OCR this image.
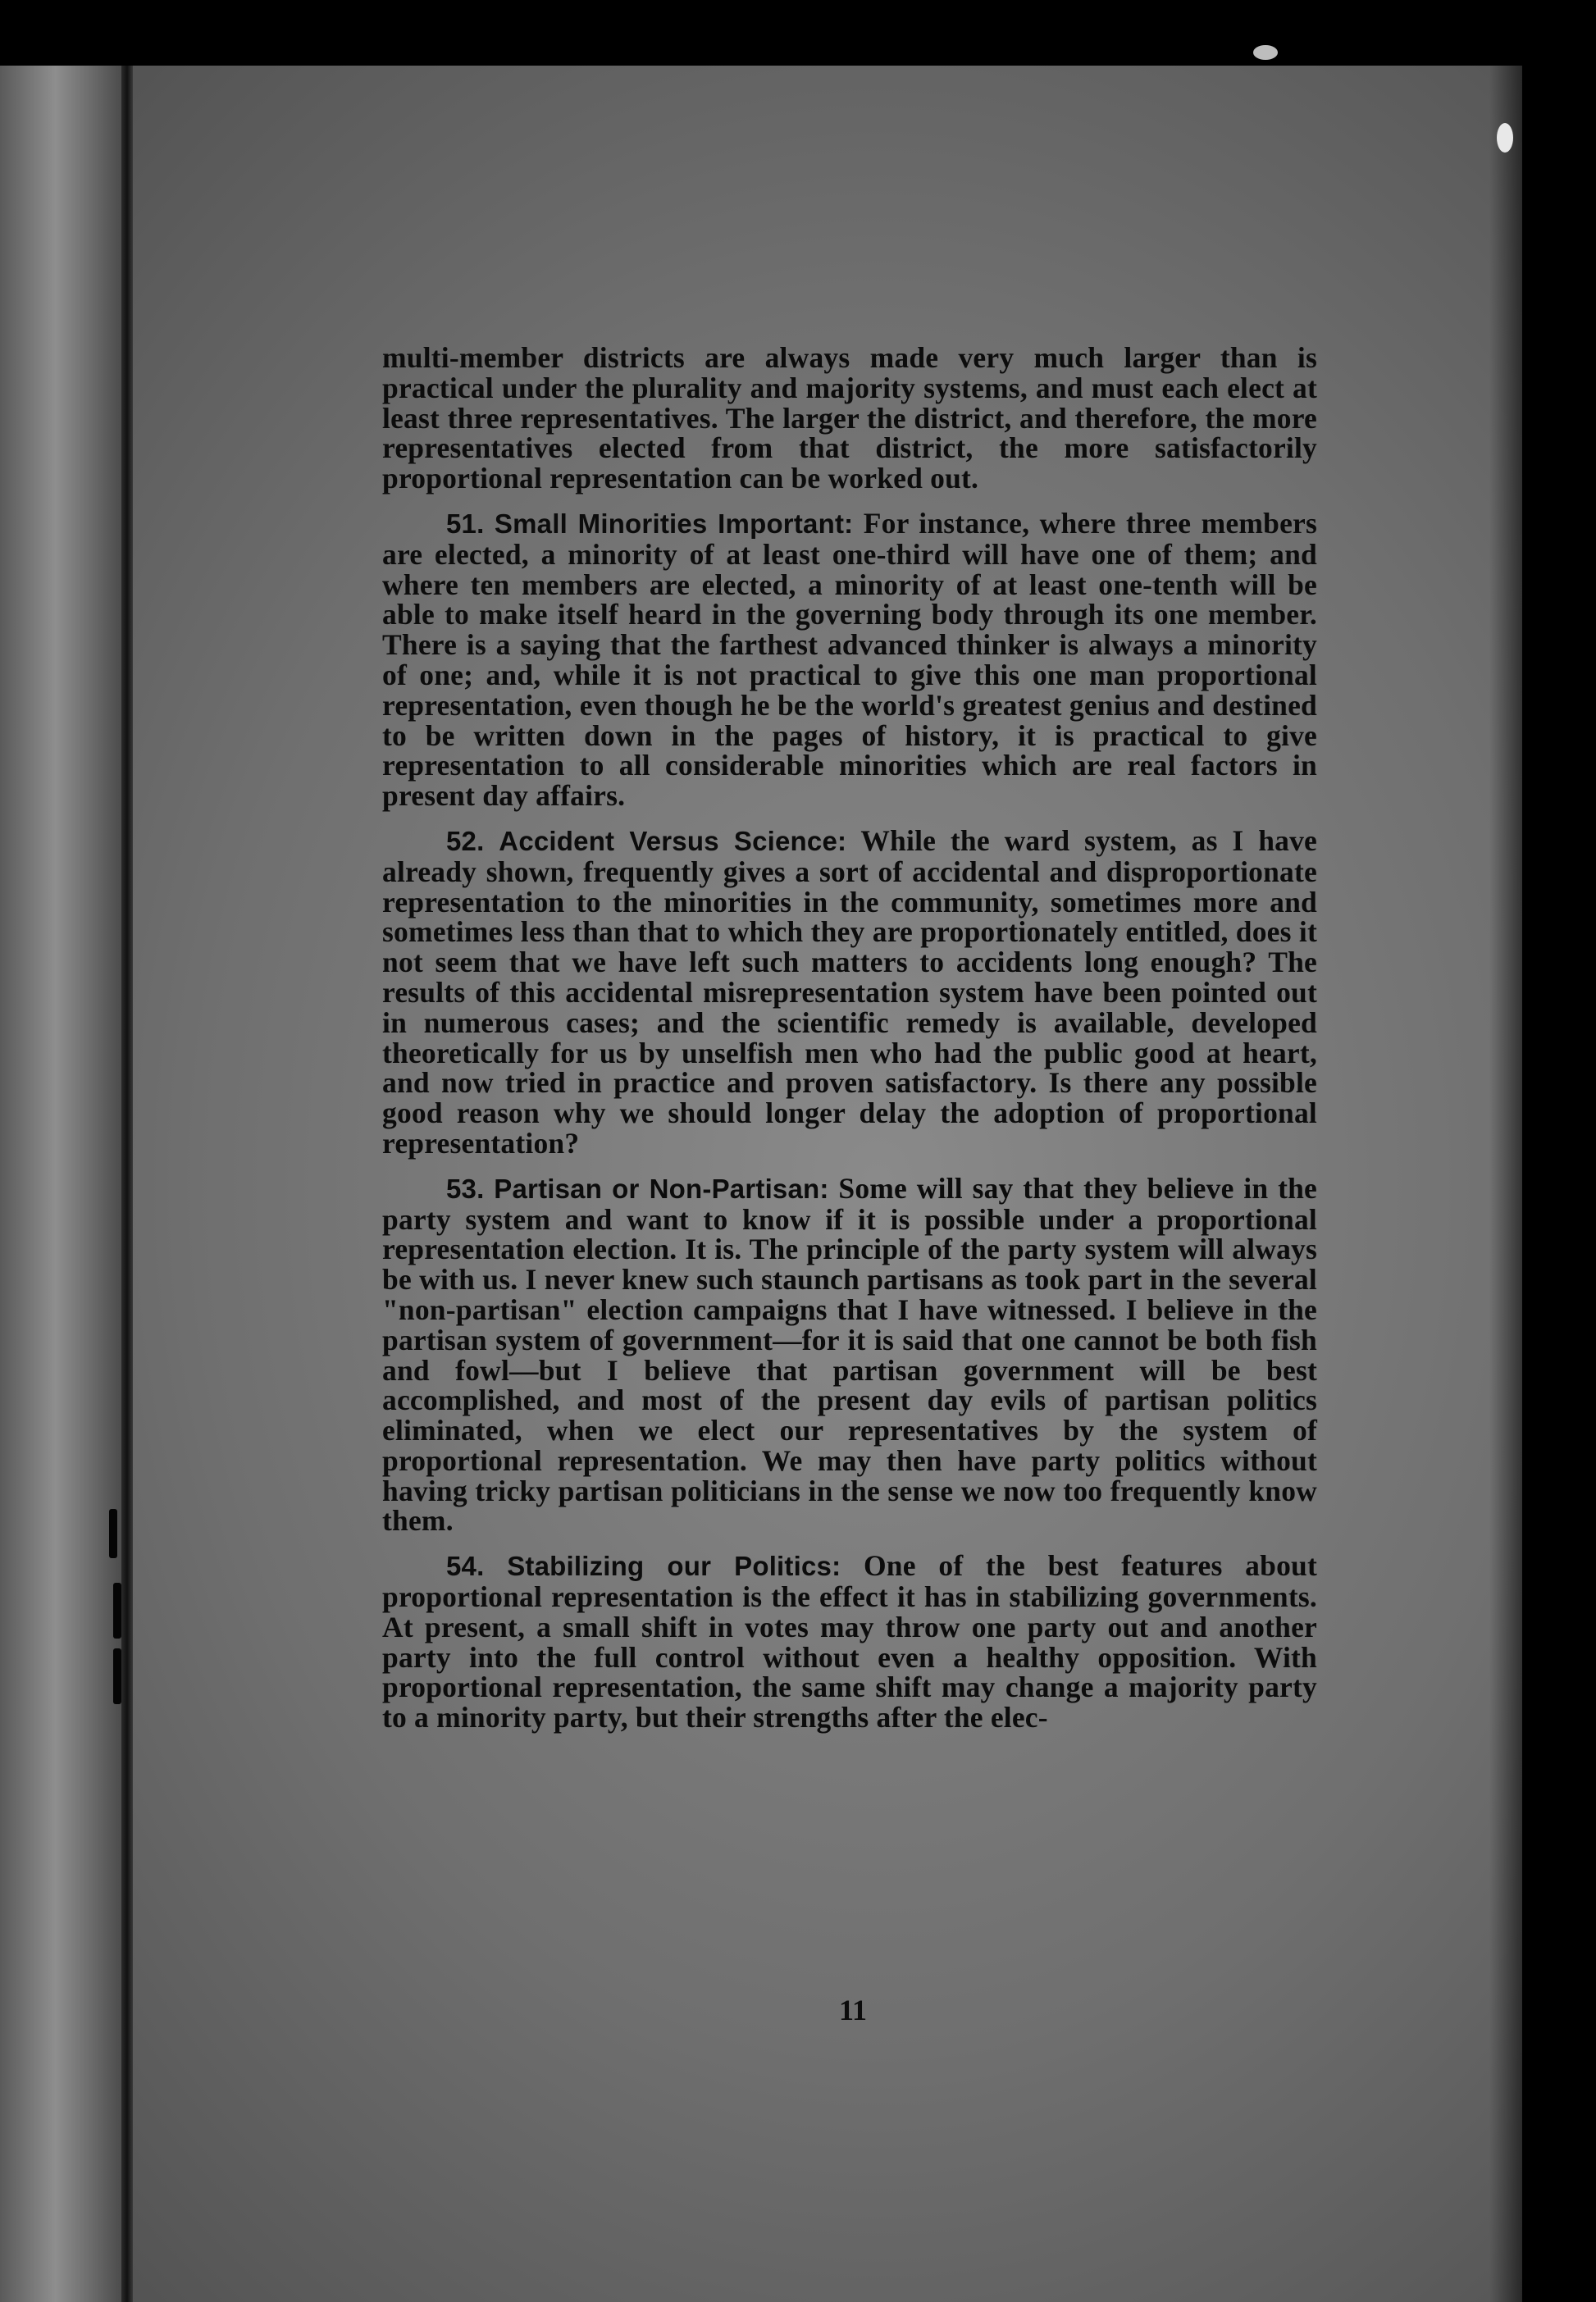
multi-member districts are always made very much larger than is practical under the plurality and majority systems, and must each elect at least three representatives. The larger the district, and therefore, the more representatives elected from that district, the more satisfactorily proportional representation can be worked out.

51. Small Minorities Important: For instance, where three members are elected, a minority of at least one-third will have one of them; and where ten members are elected, a minority of at least one-tenth will be able to make itself heard in the governing body through its one member. There is a saying that the farthest advanced thinker is always a minority of one; and, while it is not practical to give this one man proportional representation, even though he be the world's greatest genius and destined to be written down in the pages of history, it is practical to give representation to all considerable minorities which are real factors in present day affairs.

52. Accident Versus Science: While the ward system, as I have already shown, frequently gives a sort of accidental and disproportionate representation to the minorities in the community, sometimes more and sometimes less than that to which they are proportionately entitled, does it not seem that we have left such matters to accidents long enough? The results of this accidental misrepresentation system have been pointed out in numerous cases; and the scientific remedy is available, developed theoretically for us by unselfish men who had the public good at heart, and now tried in practice and proven satisfactory. Is there any possible good reason why we should longer delay the adoption of proportional representation?

53. Partisan or Non-Partisan: Some will say that they believe in the party system and want to know if it is possible under a proportional representation election. It is. The principle of the party system will always be with us. I never knew such staunch partisans as took part in the several "non-partisan" election campaigns that I have witnessed. I believe in the partisan system of government—for it is said that one cannot be both fish and fowl—but I believe that partisan government will be best accomplished, and most of the present day evils of partisan politics eliminated, when we elect our representatives by the system of proportional representation. We may then have party politics without having tricky partisan politicians in the sense we now too frequently know them.

54. Stabilizing our Politics: One of the best features about proportional representation is the effect it has in stabilizing governments. At present, a small shift in votes may throw one party out and another party into the full control without even a healthy opposition. With proportional representation, the same shift may change a majority party to a minority party, but their strengths after the elec-

11
